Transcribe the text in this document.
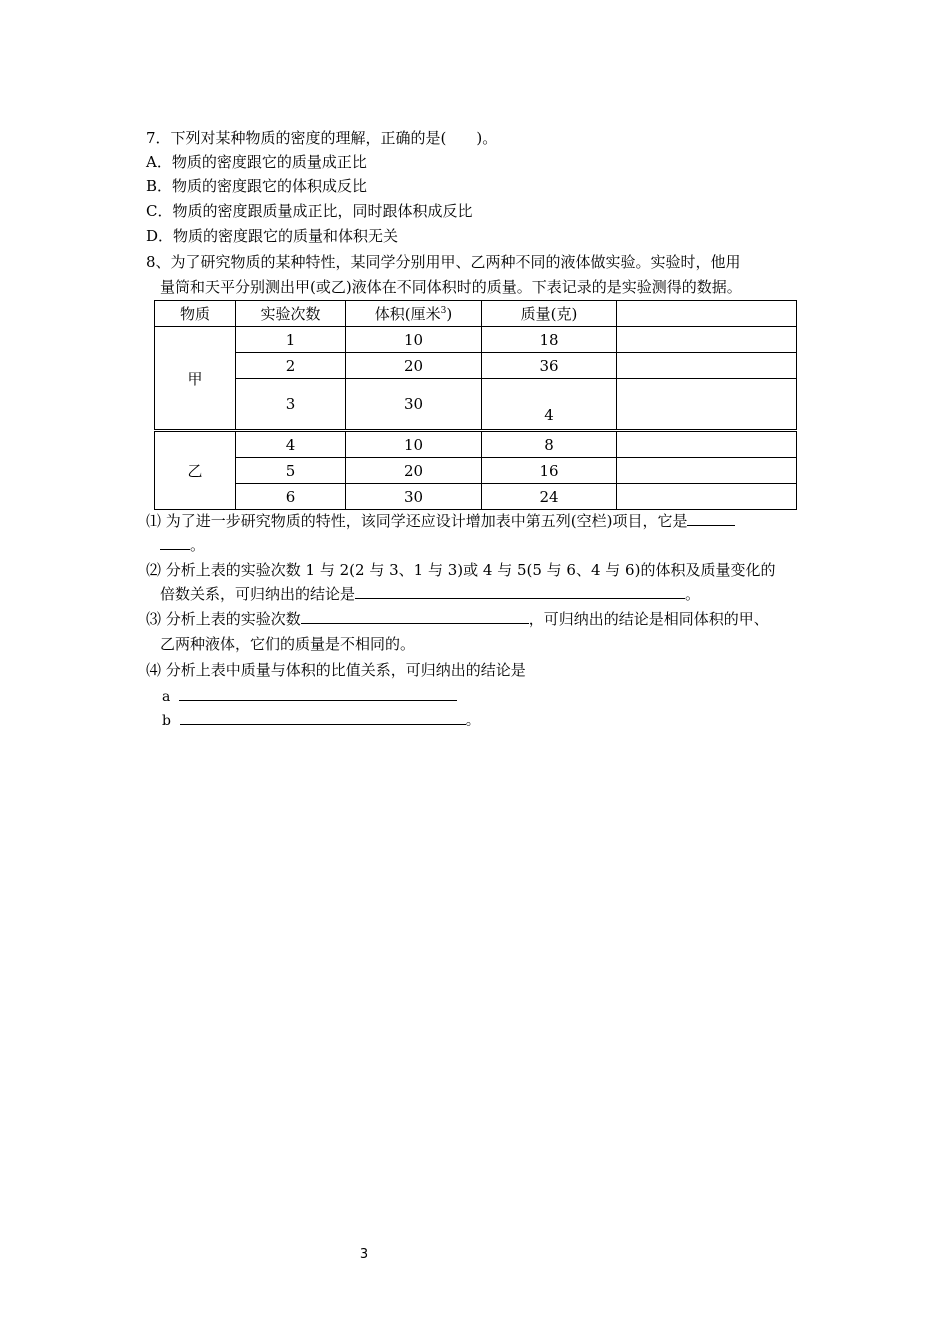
7．下列对某种物质的密度的理解，正确的是(　　)。
A．物质的密度跟它的质量成正比
B．物质的密度跟它的体积成反比
C．物质的密度跟质量成正比，同时跟体积成反比
D．物质的密度跟它的质量和体积无关
8、为了研究物质的某种特性，某同学分别用甲、乙两种不同的液体做实验。实验时，他用
量筒和天平分别测出甲(或乙)液体在不同体积时的质量。下表记录的是实验测得的数据。
物质	实验次数	体积(厘米$^3$)	质量(克)	
甲	1	10	18	
	2	20	36	
	3	30	4	

乙	4	10	8	
	5	20	16	
	6	30	24	
⑴ 为了进一步研究物质的特性，该同学还应设计增加表中第五列(空栏)项目，它是
。
⑵ 分析上表的实验次数 1 与 2(2 与 3、1 与 3)或 4 与 5(5 与 6、4 与 6)的体积及质量变化的
倍数关系，可归纳出的结论是	。
⑶ 分析上表的实验次数	，可归纳出的结论是相同体积的甲、
乙两种液体，它们的质量是不相同的。
⑷ 分析上表中质量与体积的比值关系，可归纳出的结论是
a
b	。
3
